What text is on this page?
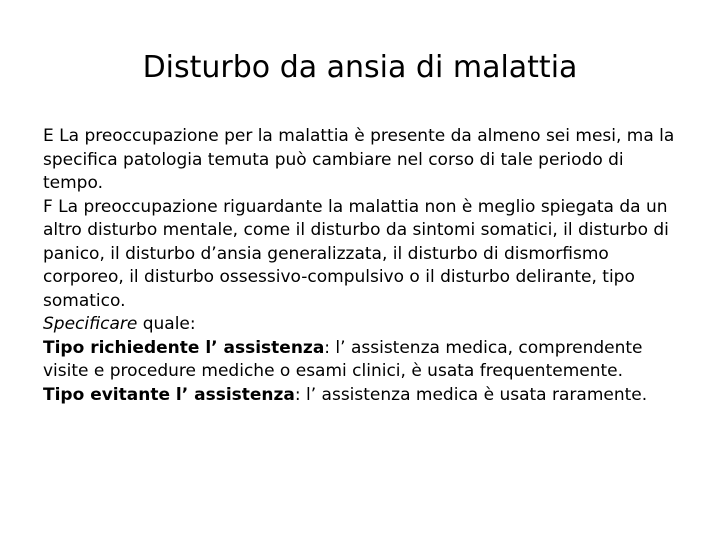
Disturbo da ansia di malattia

E La preoccupazione per la malattia è presente da almeno sei mesi, ma la specifica patologia temuta può cambiare nel corso di tale periodo di tempo.

F La preoccupazione riguardante la malattia non è meglio spiegata da un altro disturbo mentale, come il disturbo da sintomi somatici, il disturbo di panico, il disturbo d’ansia generalizzata, il disturbo di dismorfismo corporeo, il disturbo ossessivo-compulsivo o il disturbo delirante, tipo somatico.

Specificare quale:

Tipo richiedente l’ assistenza: l’ assistenza medica, comprendente visite e procedure mediche o esami clinici, è usata frequentemente.

Tipo evitante l’ assistenza: l’ assistenza medica è usata raramente.
